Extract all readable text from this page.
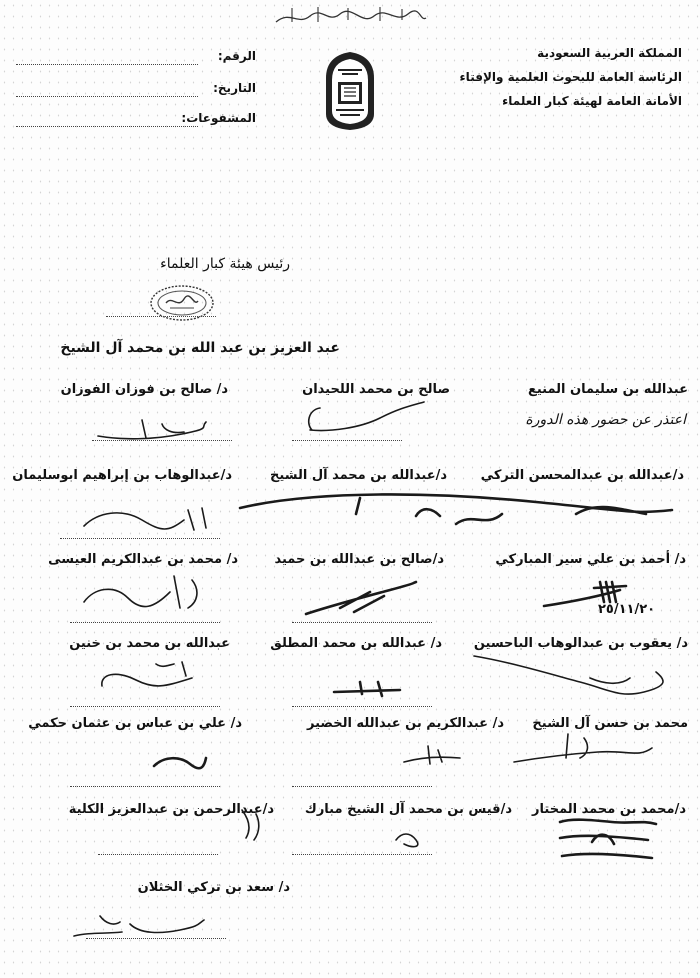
المملكة العربية السعودية
الرئاسة العامة للبحوث العلمية والإفتاء
الأمانة العامة لهيئة كبار العلماء
الرقم:
التاريخ:
المشفوعات:
رئيس هيئة كبار العلماء
عبد العزيز بن عبد الله بن محمد آل الشيخ
عبدالله بن سليمان المنيع
صالح بن محمد اللحيدان
د/ صالح بن فوزان الفوزان
اعتذر عن حضور هذه الدورة
د/عبدالله بن عبدالمحسن التركي
د/عبدالله بن محمد آل الشيخ
د/عبدالوهاب بن إبراهيم ابوسليمان
د/ أحمد بن علي سير المباركي
د/صالح بن عبدالله بن حميد
د/ محمد بن عبدالكريم العيسى
٢٥/١١/٢٠
د/ يعقوب بن عبدالوهاب الباحسين
د/ عبدالله بن محمد المطلق
عبدالله بن محمد بن خنين
محمد بن حسن آل الشيخ
د/ عبدالكريم بن عبدالله الخضير
د/ علي بن عباس بن عثمان حكمي
د/محمد بن محمد المختار
د/قيس بن محمد آل الشيخ مبارك
د/عبدالرحمن بن عبدالعزيز الكلية
د/ سعد بن تركي الخثلان
